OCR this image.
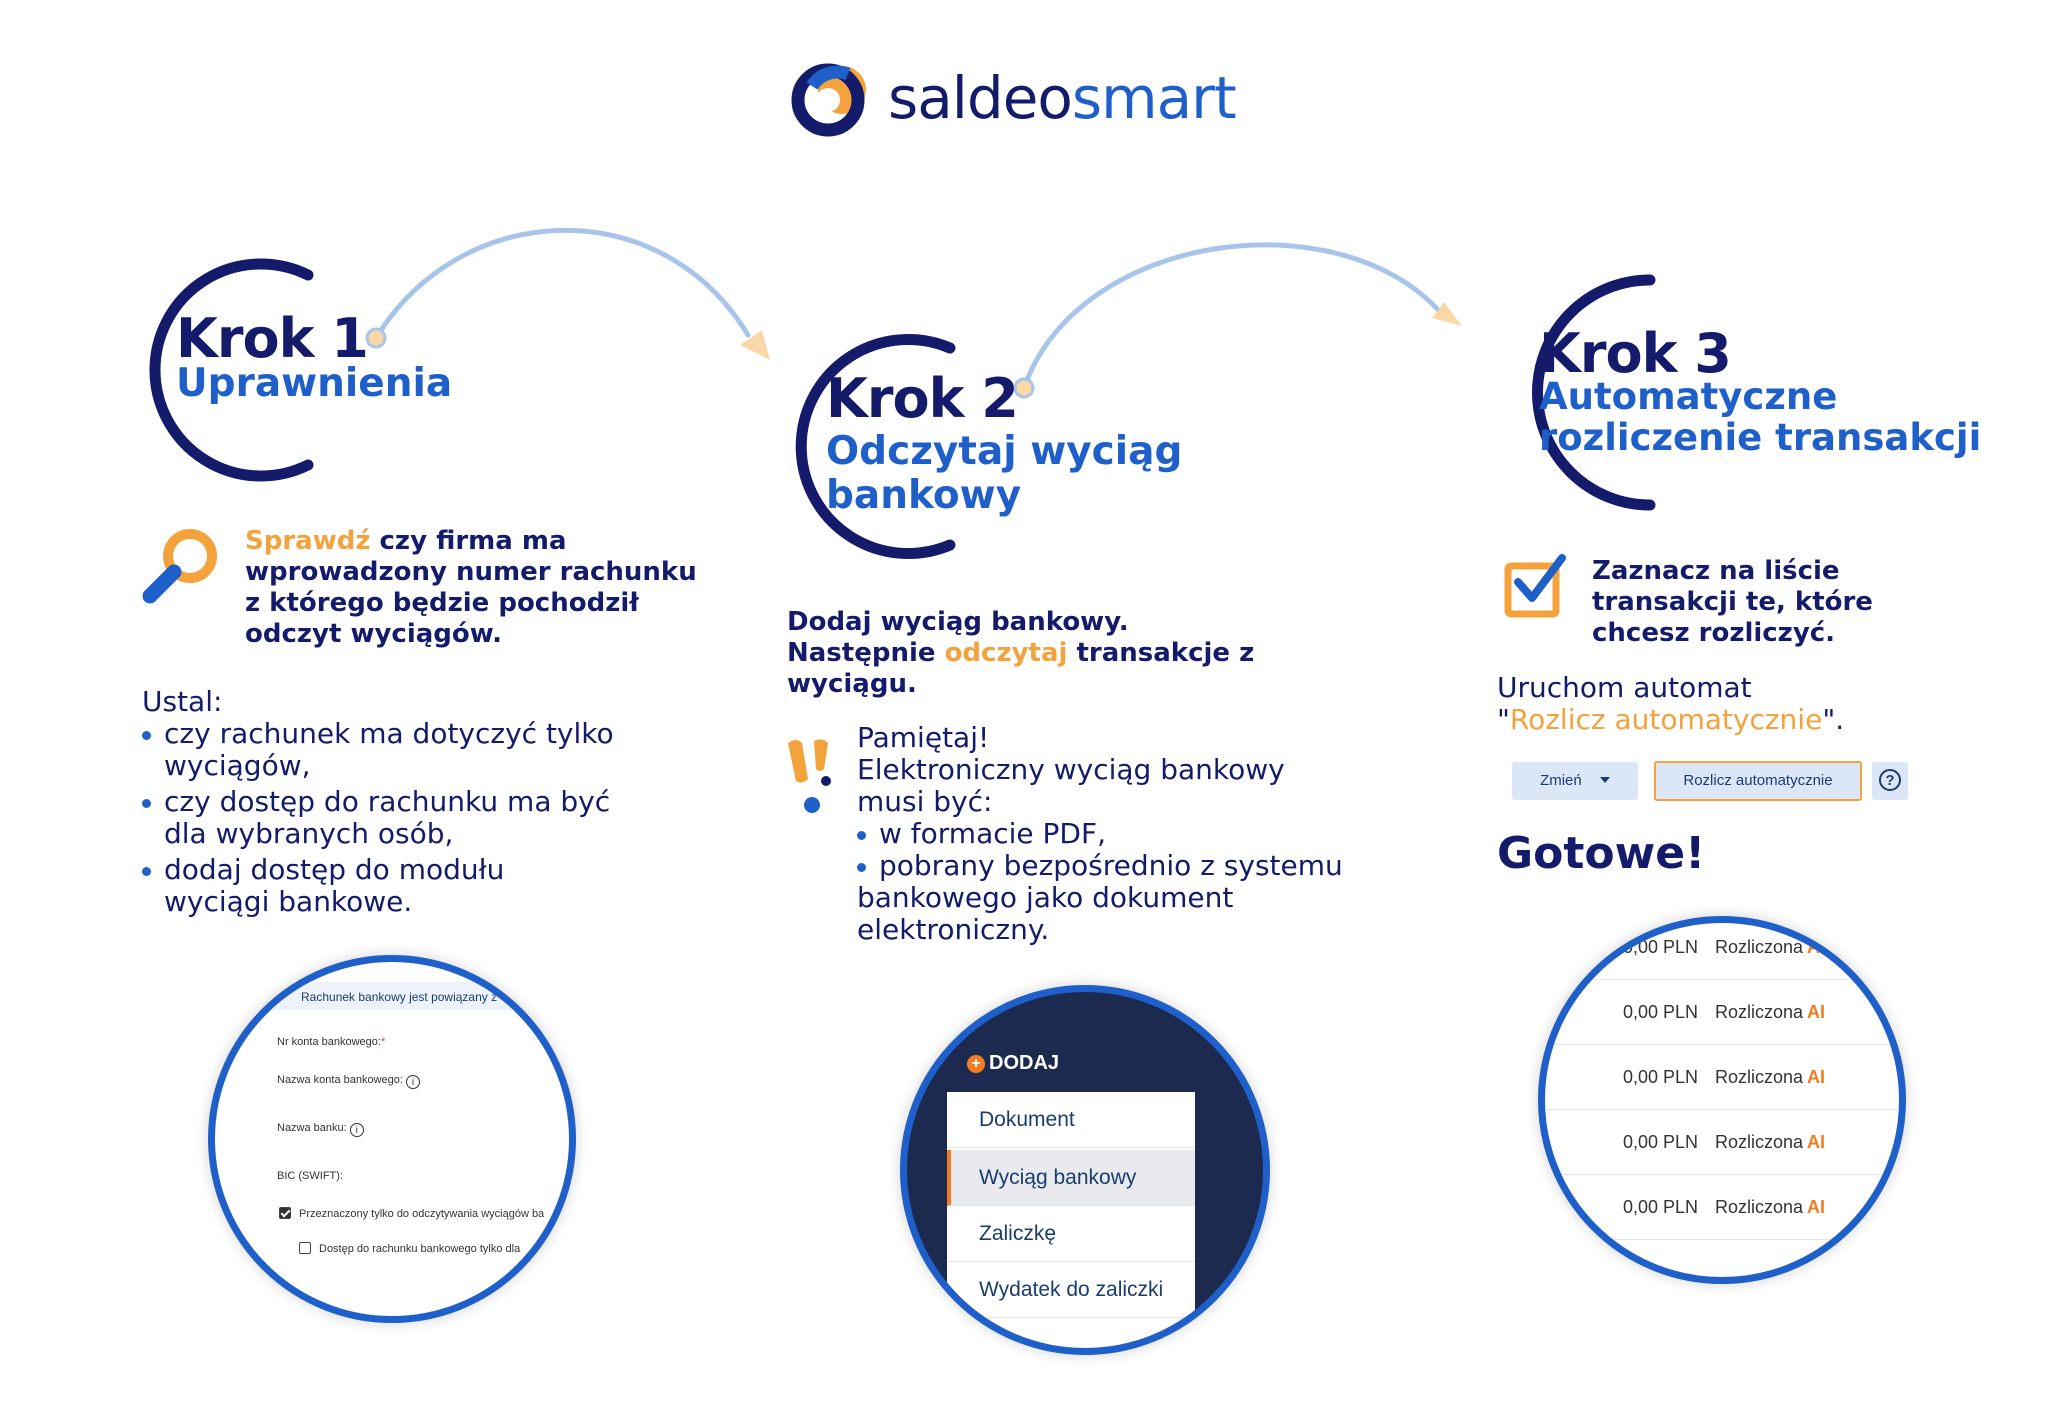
saldeosmart
Krok 1
Uprawnienia
Sprawdź czy firma ma
wprowadzony numer rachunku
z którego będzie pochodził
odczyt wyciągów.
Ustal:
czy rachunek ma dotyczyć tylko
wyciągów,
czy dostęp do rachunku ma być
dla wybranych osób,
dodaj dostęp do modułu
wyciągi bankowe.
Rachunek bankowy jest powiązany z
Nr konta bankowego:*
Nazwa konta bankowego: i
Nazwa banku: i
BIC (SWIFT):
Przeznaczony tylko do odczytywania wyciągów ba
Dostęp do rachunku bankowego tylko dla
Krok 2
Odczytaj wyciąg
bankowy
Dodaj wyciąg bankowy.
Następnie odczytaj transakcje z
wyciągu.
Pamiętaj!
Elektroniczny wyciąg bankowy
musi być:
w formacie PDF,
pobrany bezpośrednio z systemu
bankowego jako dokument
elektroniczny.
+ DODAJ
Dokument
Wyciąg bankowy
Zaliczkę
Wydatek do zaliczki
Krok 3
Automatyczne
rozliczenie transakcji
Zaznacz na liście
transakcji te, które
chcesz rozliczyć.
Uruchom automat
"Rozlicz automatycznie".
Zmień	Rozlicz automatycznie	?
Gotowe!
0,00 PLN Rozliczona AI
0,00 PLN Rozliczona AI
0,00 PLN Rozliczona AI
0,00 PLN Rozliczona AI
0,00 PLN Rozliczona AI
